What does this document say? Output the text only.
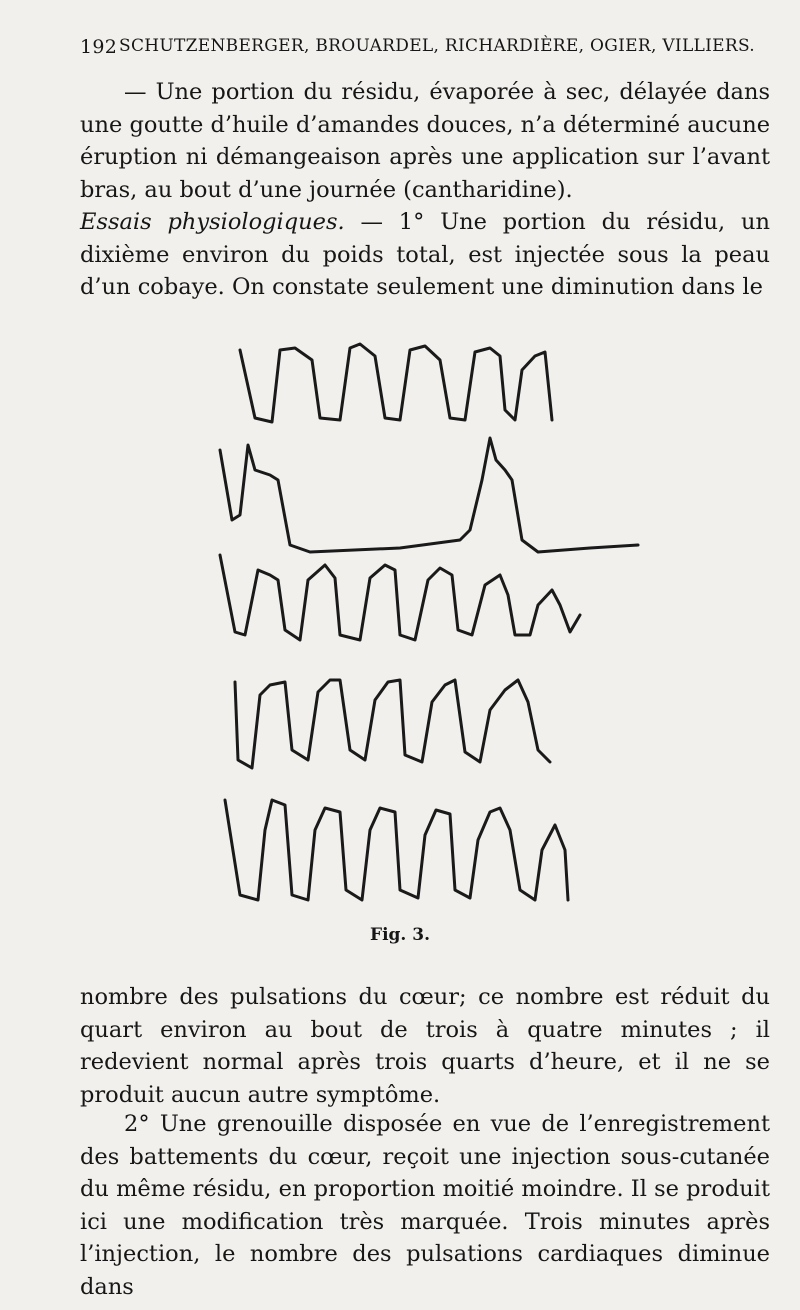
192 SCHUTZENBERGER, BROUARDEL, RICHARDIÈRE, OGIER, VILLIERS.
— Une portion du résidu, évaporée à sec, délayée dans une goutte d’huile d’amandes douces, n’a déterminé aucune éruption ni démangeaison après une application sur l’avant bras, au bout d’une journée (cantharidine).
Essais physiologiques. — 1° Une portion du résidu, un dixième environ du poids total, est injectée sous la peau d’un cobaye. On constate seulement une diminution dans le
Fig. 3.
nombre des pulsations du cœur; ce nombre est réduit du quart environ au bout de trois à quatre minutes ; il redevient normal après trois quarts d’heure, et il ne se produit aucun autre symptôme.
2° Une grenouille disposée en vue de l’enregistrement des battements du cœur, reçoit une injection sous-cutanée du même résidu, en proportion moitié moindre. Il se produit ici une modification très marquée. Trois minutes après l’injection, le nombre des pulsations cardiaques diminue dans
